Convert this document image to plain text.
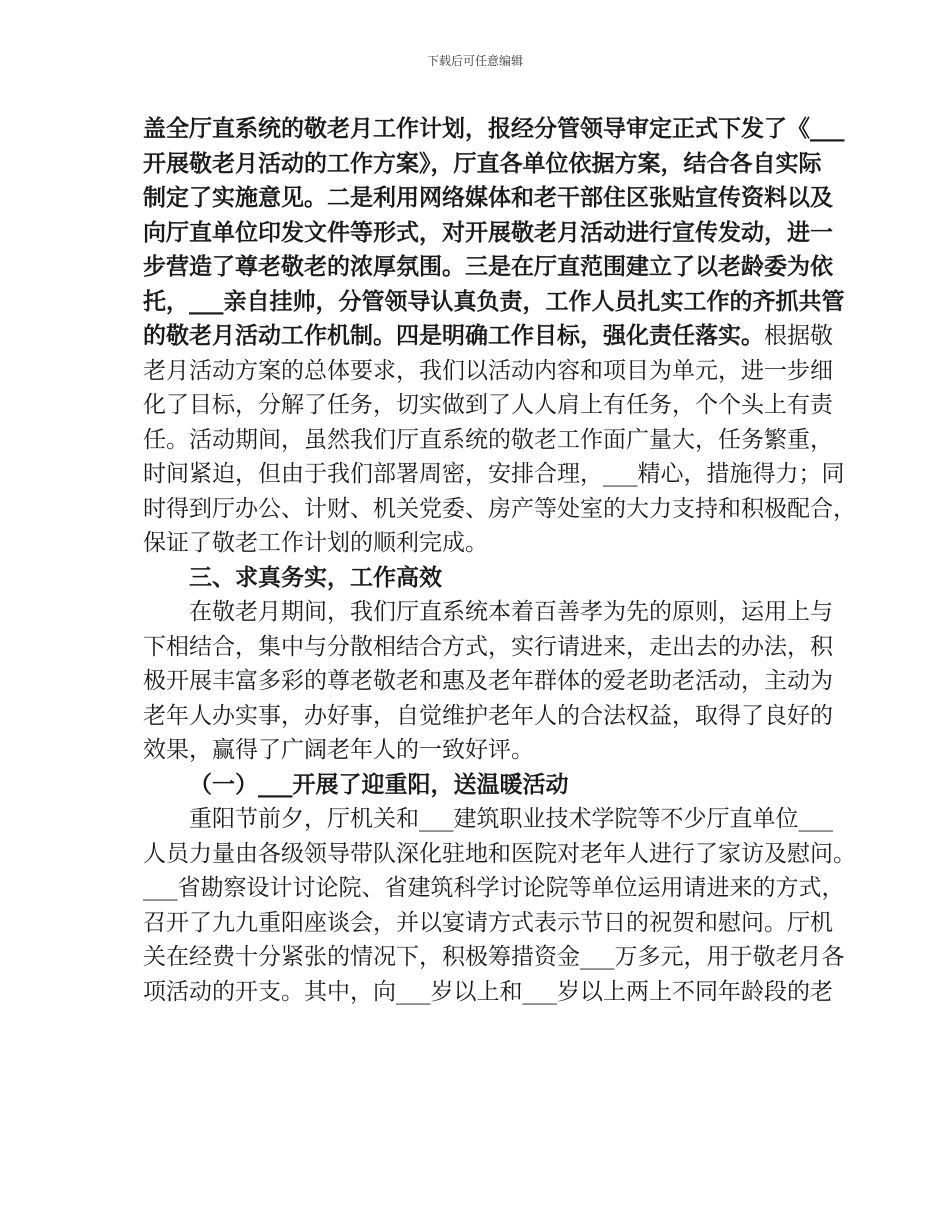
下载后可任意编辑
盖全厅直系统的敬老月工作计划，报经分管领导审定正式下发了《___
开展敬老月活动的工作方案》，厅直各单位依据方案，结合各自实际
制定了实施意见。二是利用网络媒体和老干部住区张贴宣传资料以及
向厅直单位印发文件等形式，对开展敬老月活动进行宣传发动，进一
步营造了尊老敬老的浓厚氛围。三是在厅直范围建立了以老龄委为依
托，___亲自挂帅，分管领导认真负责，工作人员扎实工作的齐抓共管
的敬老月活动工作机制。四是明确工作目标，强化责任落实。根据敬
老月活动方案的总体要求，我们以活动内容和项目为单元，进一步细
化了目标，分解了任务，切实做到了人人肩上有任务，个个头上有责
任。活动期间，虽然我们厅直系统的敬老工作面广量大，任务繁重，
时间紧迫，但由于我们部署周密，安排合理，___精心，措施得力；同
时得到厅办公、计财、机关党委、房产等处室的大力支持和积极配合，
保证了敬老工作计划的顺利完成。
三、求真务实，工作高效
在敬老月期间，我们厅直系统本着百善孝为先的原则，运用上与
下相结合，集中与分散相结合方式，实行请进来，走出去的办法，积
极开展丰富多彩的尊老敬老和惠及老年群体的爱老助老活动，主动为
老年人办实事，办好事，自觉维护老年人的合法权益，取得了良好的
效果，赢得了广阔老年人的一致好评。
（一）___开展了迎重阳，送温暖活动
重阳节前夕，厅机关和___建筑职业技术学院等不少厅直单位___
人员力量由各级领导带队深化驻地和医院对老年人进行了家访及慰问。
___省勘察设计讨论院、省建筑科学讨论院等单位运用请进来的方式，
召开了九九重阳座谈会，并以宴请方式表示节日的祝贺和慰问。厅机
关在经费十分紧张的情况下，积极筹措资金___万多元，用于敬老月各
项活动的开支。其中，向___岁以上和___岁以上两上不同年龄段的老
